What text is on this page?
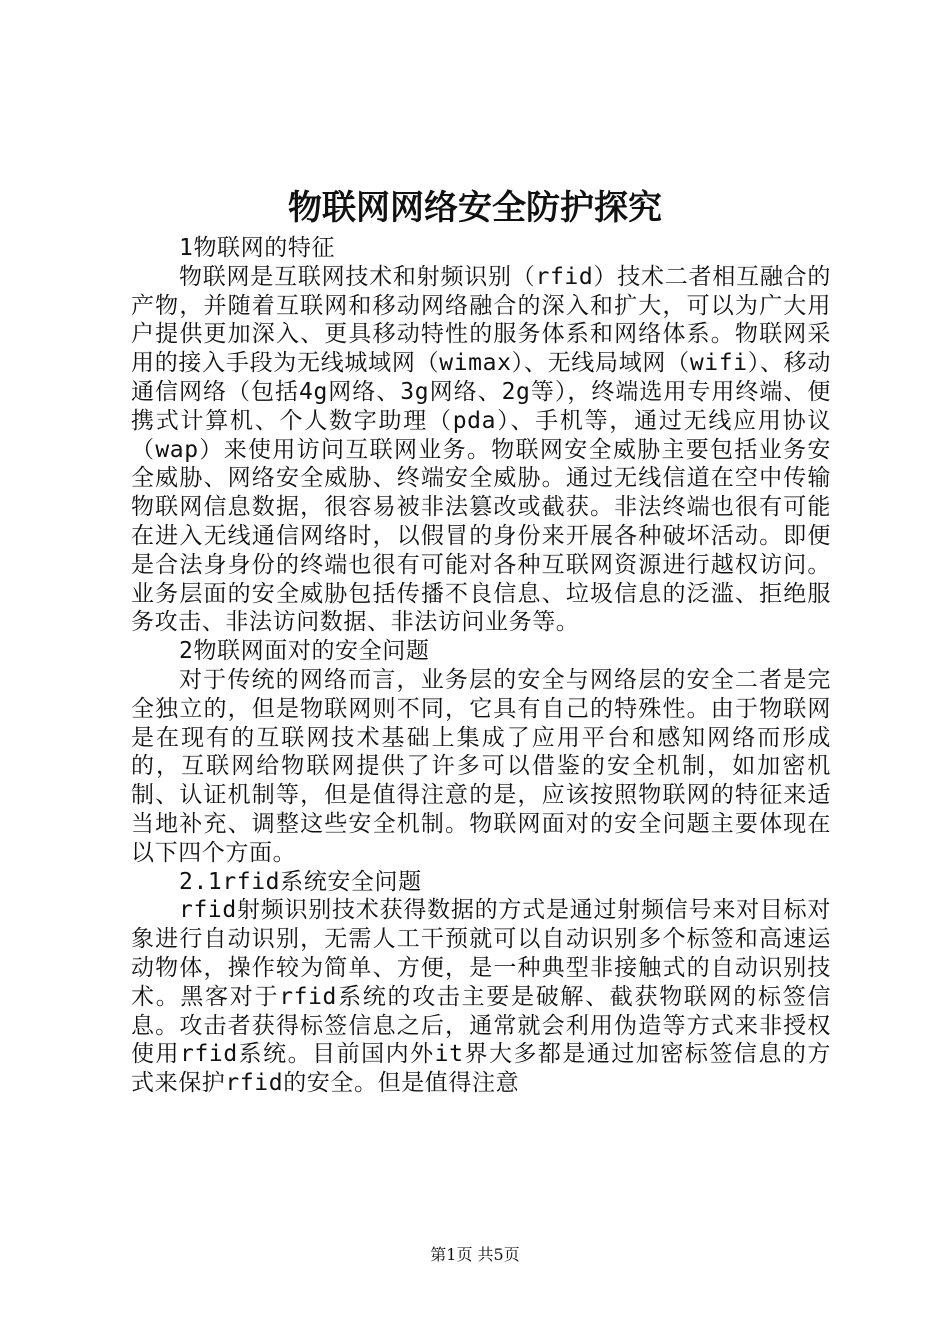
物联网网络安全防护探究

1物联网的特征

物联网是互联网技术和射频识别（rfid）技术二者相互融合的产物，并随着互联网和移动网络融合的深入和扩大，可以为广大用户提供更加深入、更具移动特性的服务体系和网络体系。物联网采用的接入手段为无线城域网（wimax）、无线局域网（wifi）、移动通信网络（包括4g网络、3g网络、2g等），终端选用专用终端、便携式计算机、个人数字助理（pda）、手机等，通过无线应用协议（wap）来使用访问互联网业务。物联网安全威胁主要包括业务安全威胁、网络安全威胁、终端安全威胁。通过无线信道在空中传输物联网信息数据，很容易被非法篡改或截获。非法终端也很有可能在进入无线通信网络时，以假冒的身份来开展各种破坏活动。即便是合法身身份的终端也很有可能对各种互联网资源进行越权访问。业务层面的安全威胁包括传播不良信息、垃圾信息的泛滥、拒绝服务攻击、非法访问数据、非法访问业务等。

2物联网面对的安全问题

对于传统的网络而言，业务层的安全与网络层的安全二者是完全独立的，但是物联网则不同，它具有自己的特殊性。由于物联网是在现有的互联网技术基础上集成了应用平台和感知网络而形成的，互联网给物联网提供了许多可以借鉴的安全机制，如加密机制、认证机制等，但是值得注意的是，应该按照物联网的特征来适当地补充、调整这些安全机制。物联网面对的安全问题主要体现在以下四个方面。

2.1rfid系统安全问题

rfid射频识别技术获得数据的方式是通过射频信号来对目标对象进行自动识别，无需人工干预就可以自动识别多个标签和高速运动物体，操作较为简单、方便，是一种典型非接触式的自动识别技术。黑客对于rfid系统的攻击主要是破解、截获物联网的标签信息。攻击者获得标签信息之后，通常就会利用伪造等方式来非授权使用rfid系统。目前国内外it界大多都是通过加密标签信息的方式来保护rfid的安全。但是值得注意

第1页 共5页
